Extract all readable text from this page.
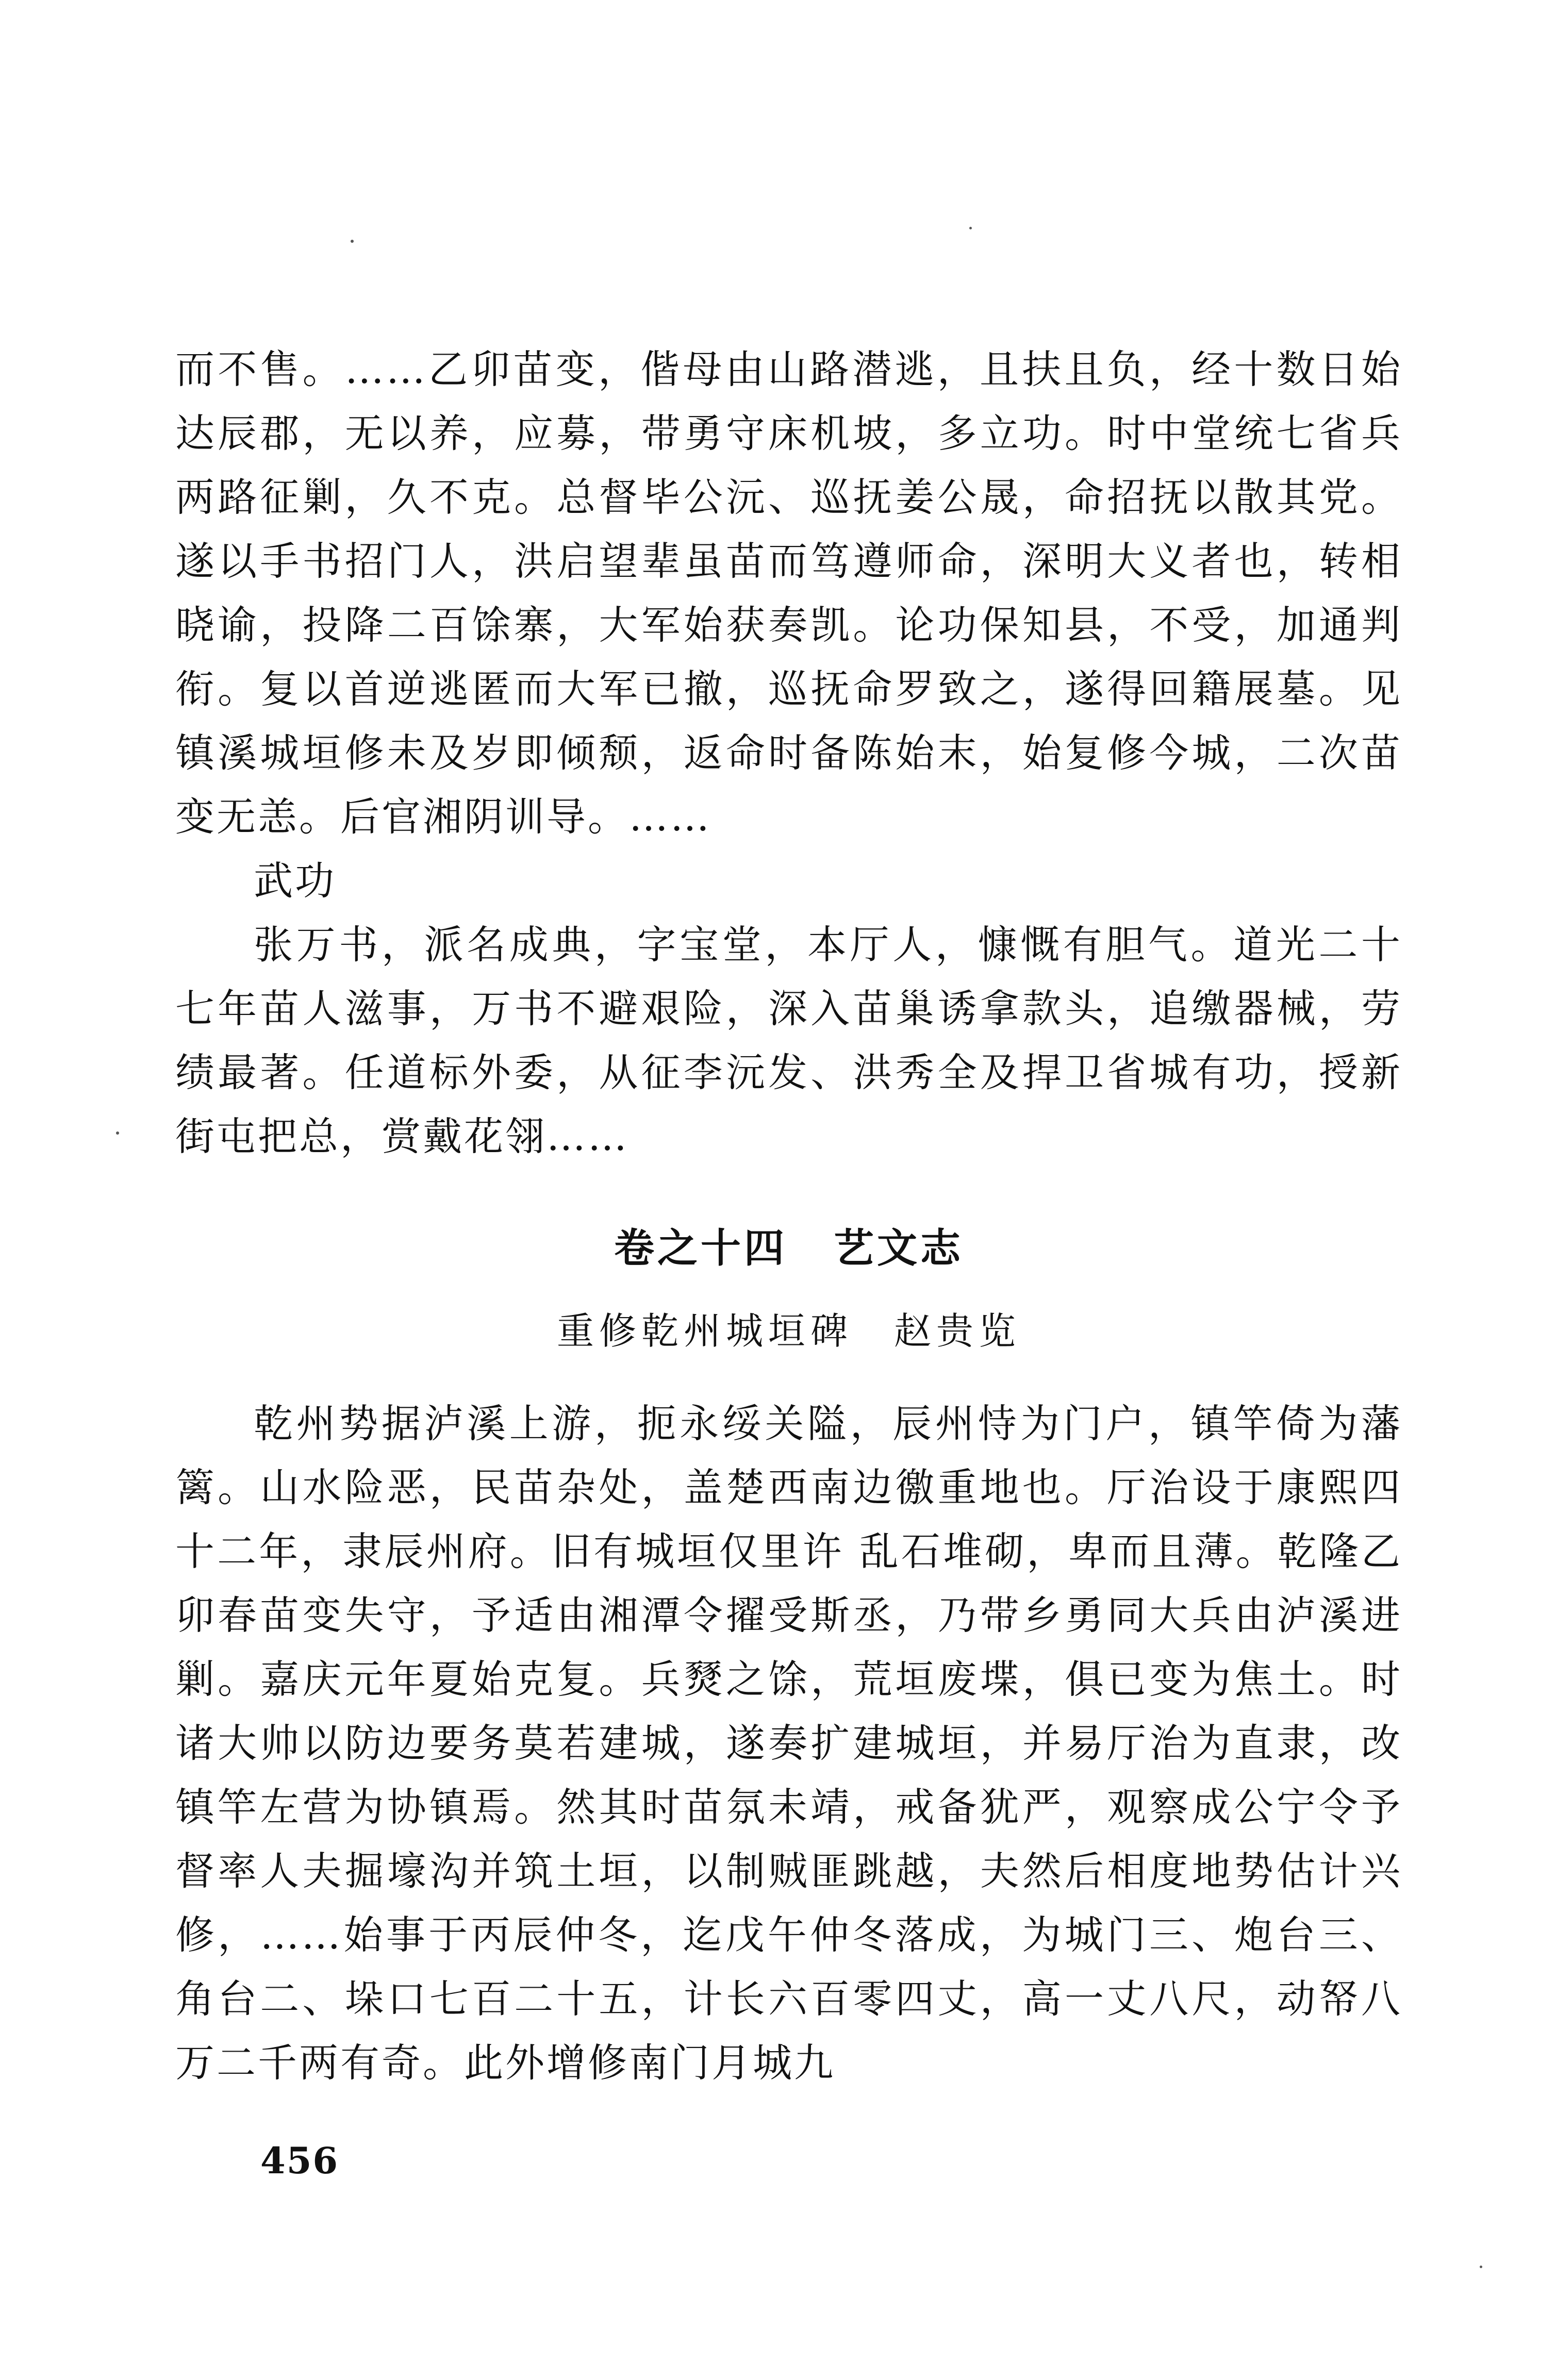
而不售。……乙卯苗变，偕母由山路潜逃，且扶且负，经十数日始达辰郡，无以养，应募，带勇守床机坡，多立功。时中堂统七省兵两路征剿，久不克。总督毕公沅、巡抚姜公晟，命招抚以散其党。遂以手书招门人，洪启望辈虽苗而笃遵师命，深明大义者也，转相晓谕，投降二百馀寨，大军始获奏凯。论功保知县，不受，加通判衔。复以首逆逃匿而大军已撤，巡抚命罗致之，遂得回籍展墓。见镇溪城垣修未及岁即倾颓，返命时备陈始末，始复修今城，二次苗变无恙。后官湘阴训导。……

武功

张万书，派名成典，字宝堂，本厅人，慷慨有胆气。道光二十七年苗人滋事，万书不避艰险，深入苗巢诱拿款头，追缴器械，劳绩最著。任道标外委，从征李沅发、洪秀全及捍卫省城有功，授新街屯把总，赏戴花翎……

卷之十四 艺文志
重修乾州城垣碑 赵贵览

乾州势据泸溪上游，扼永绥关隘，辰州恃为门户，镇竿倚为藩篱。山水险恶，民苗杂处，盖楚西南边徼重地也。厅治设于康熙四十二年，隶辰州府。旧有城垣仅里许 乱石堆砌，卑而且薄。乾隆乙卯春苗变失守，予适由湘潭令擢受斯丞，乃带乡勇同大兵由泸溪进剿。嘉庆元年夏始克复。兵燹之馀，荒垣废堞，俱已变为焦土。时诸大帅以防边要务莫若建城，遂奏扩建城垣，并易厅治为直隶，改镇竿左营为协镇焉。然其时苗氛未靖，戒备犹严，观察成公宁令予督率人夫掘壕沟并筑土垣，以制贼匪跳越，夫然后相度地势估计兴修，……始事于丙辰仲冬，迄戊午仲冬落成，为城门三、炮台三、角台二、垛口七百二十五，计长六百零四丈，高一丈八尺，动帑八万二千两有奇。此外增修南门月城九

456
